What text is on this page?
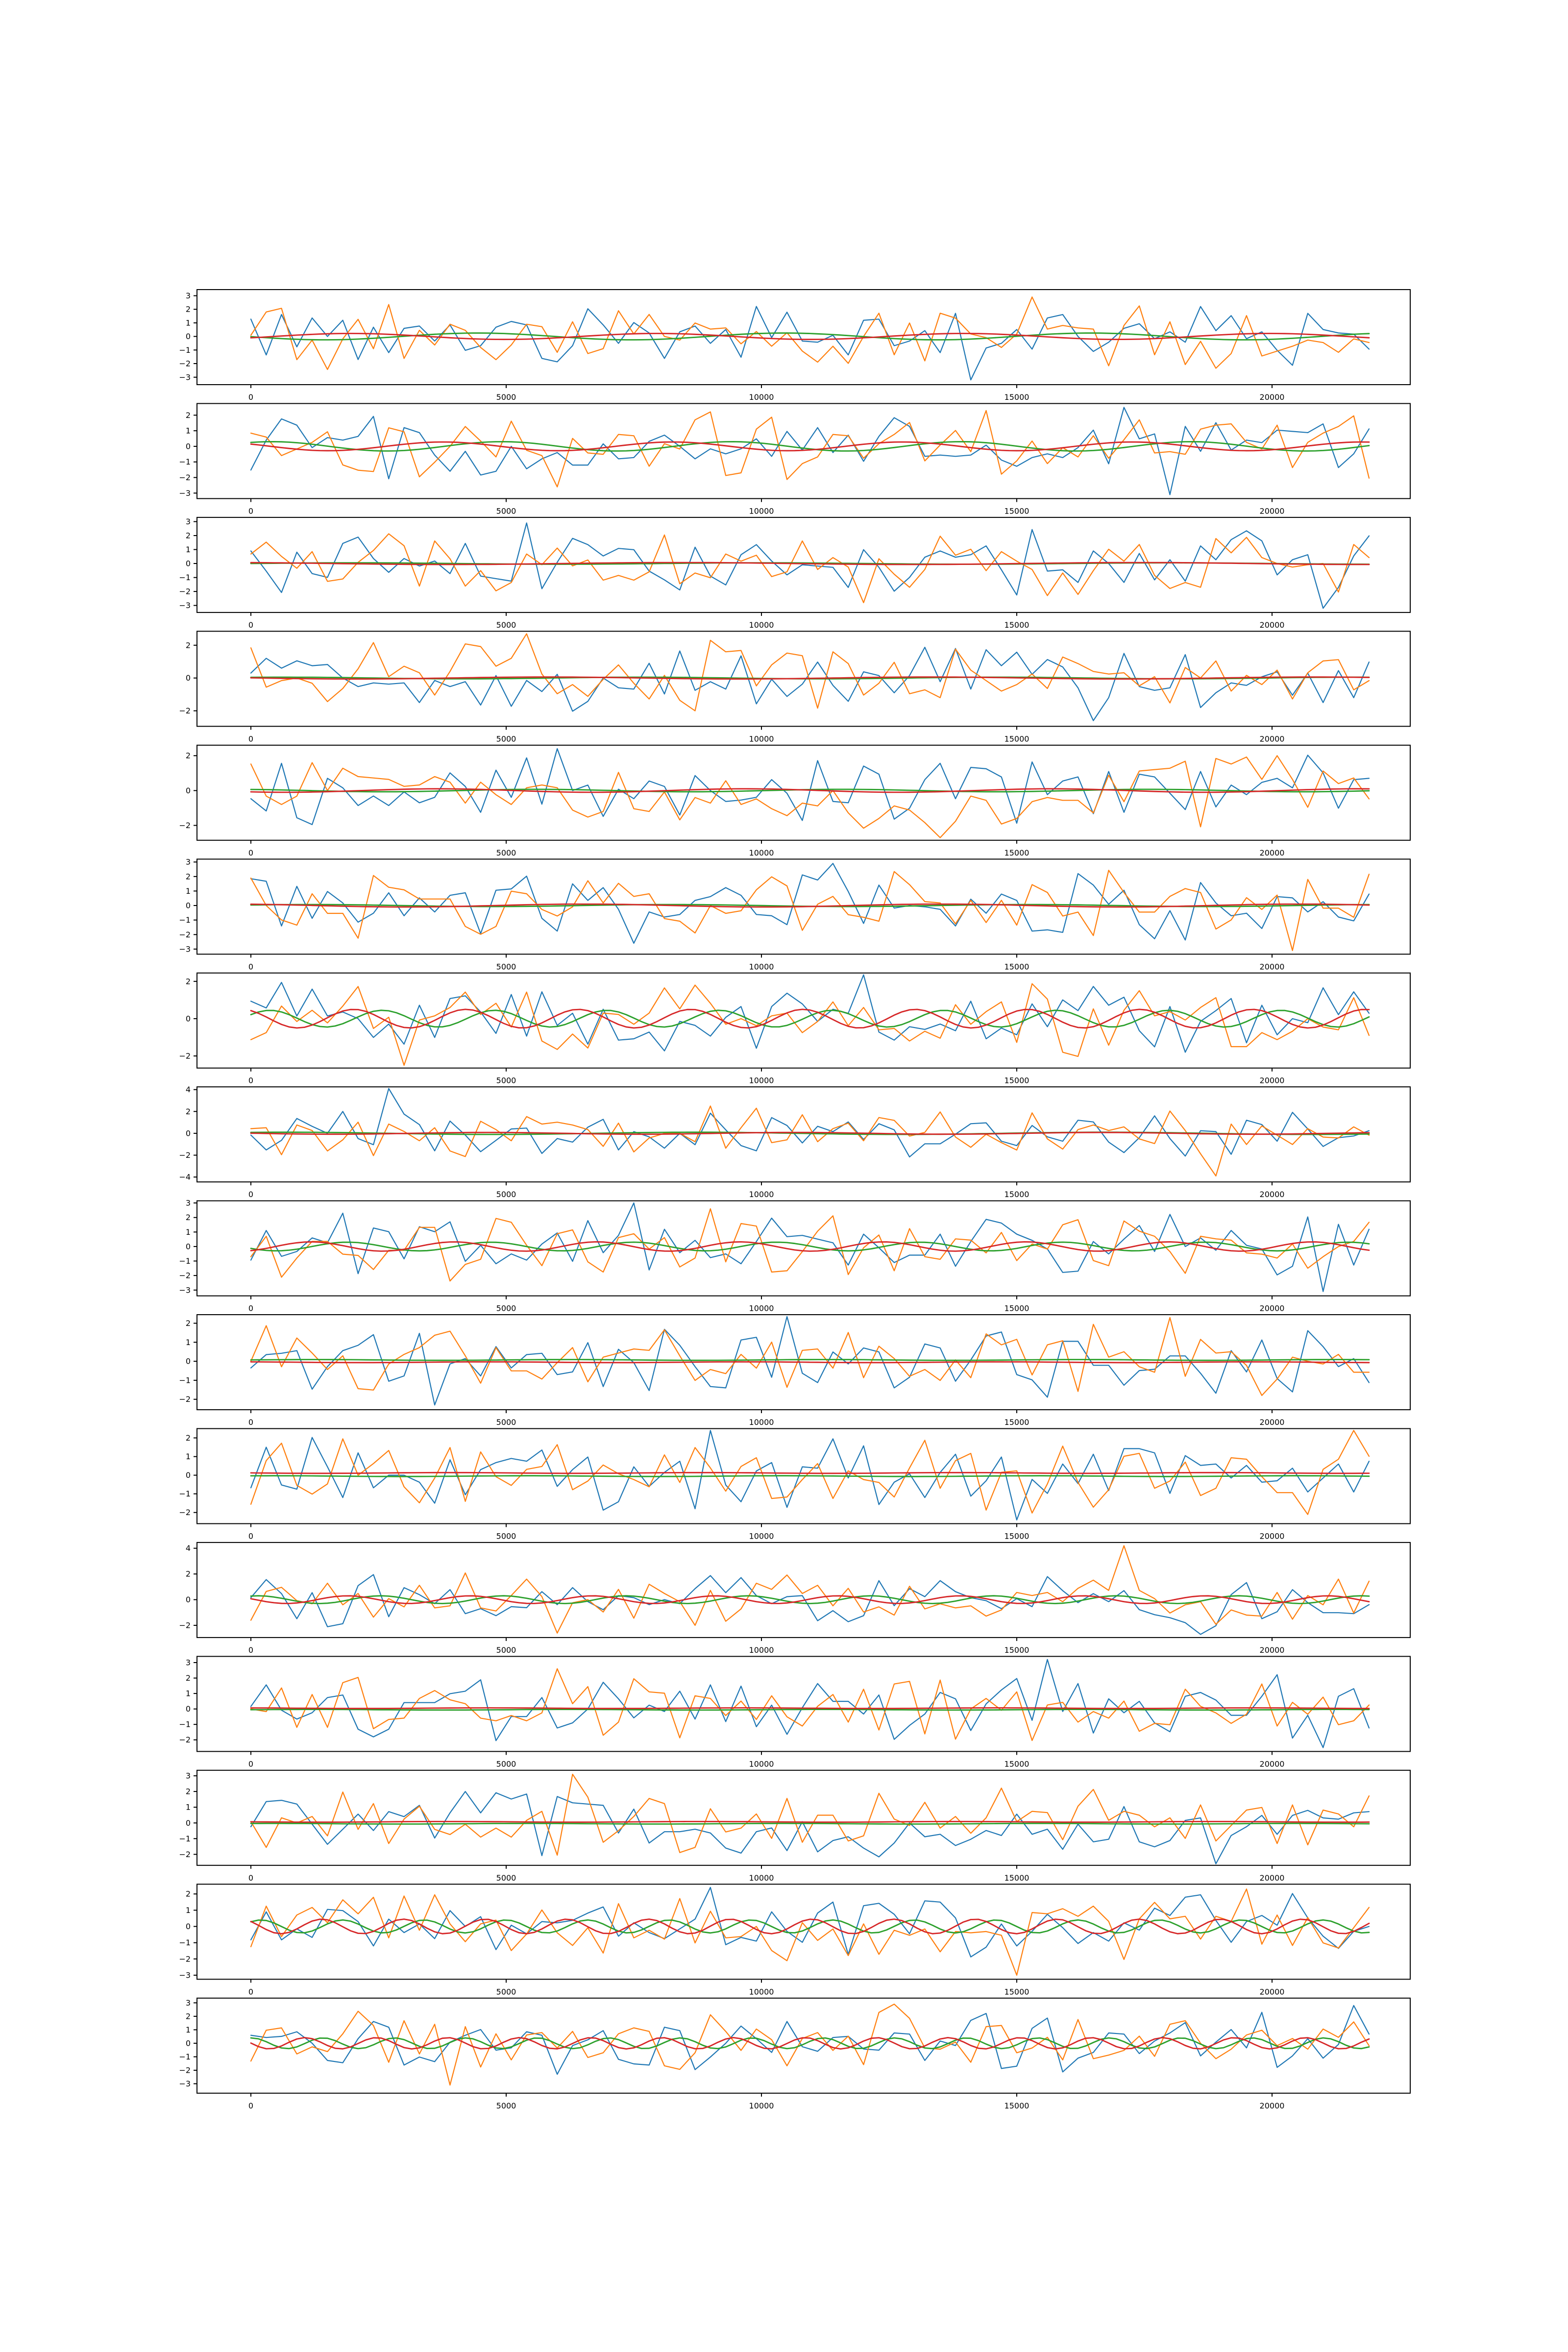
0	5000	10000	15000	20000
3
2
1
0
−1
−2
−3
0	5000	10000	15000	20000
2
1
0
−1
−2
−3
0	5000	10000	15000	20000
3
2
1
0
−1
−2
−3
0	5000	10000	15000	20000
2
0
−2
0	5000	10000	15000	20000
2
0
−2
0	5000	10000	15000	20000
3
2
1
0
−1
−2
−3
0	5000	10000	15000	20000
2
0
−2
0	5000	10000	15000	20000
4
2
0
−2
−4
0	5000	10000	15000	20000
3
2
1
0
−1
−2
−3
0	5000	10000	15000	20000
2
1
0
−1
−2
0	5000	10000	15000	20000
2
1
0
−1
−2
0	5000	10000	15000	20000
4
2
0
−2
0	5000	10000	15000	20000
3
2
1
0
−1
−2
0	5000	10000	15000	20000
3
2
1
0
−1
−2
0	5000	10000	15000	20000
2
1
0
−1
−2
−3
0	5000	10000	15000	20000
3
2
1
0
−1
−2
−3
